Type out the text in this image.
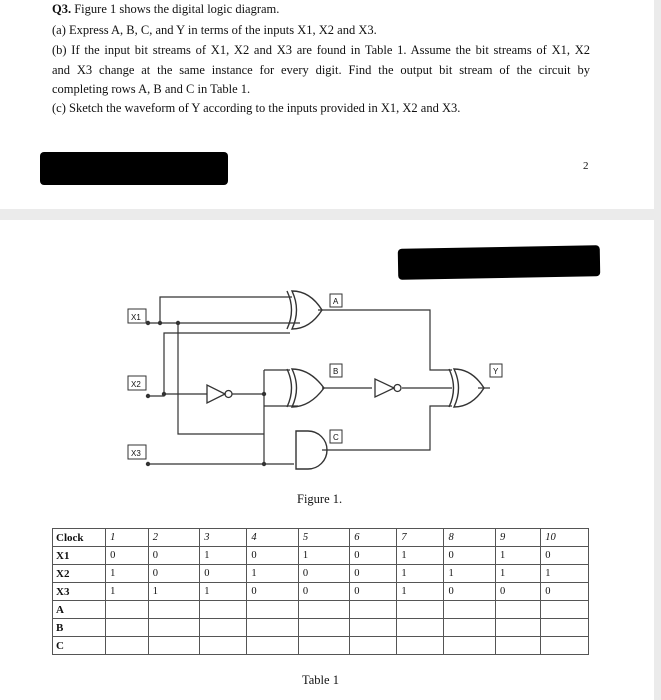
Q3. Figure 1 shows the digital logic diagram.
(a) Express A, B, C, and Y in terms of the inputs X1, X2 and X3.
(b) If the input bit streams of X1, X2 and X3 are found in Table 1. Assume the bit streams of X1, X2
and X3 change at the same instance for every digit. Find the output bit stream of the circuit by
completing rows A, B and C in Table 1.
(c) Sketch the waveform of Y according to the inputs provided in X1, X2 and X3.
2
X1
X2
X3
A
B
C
Y
Figure 1.
Clock	1	2	3	4	5	6	7	8	9	10
X1	0	0	1	0	1	0	1	0	1	0
X2	1	0	0	1	0	0	1	1	1	1
X3	1	1	1	0	0	0	1	0	0	0
A										
B										
C										
Table 1
